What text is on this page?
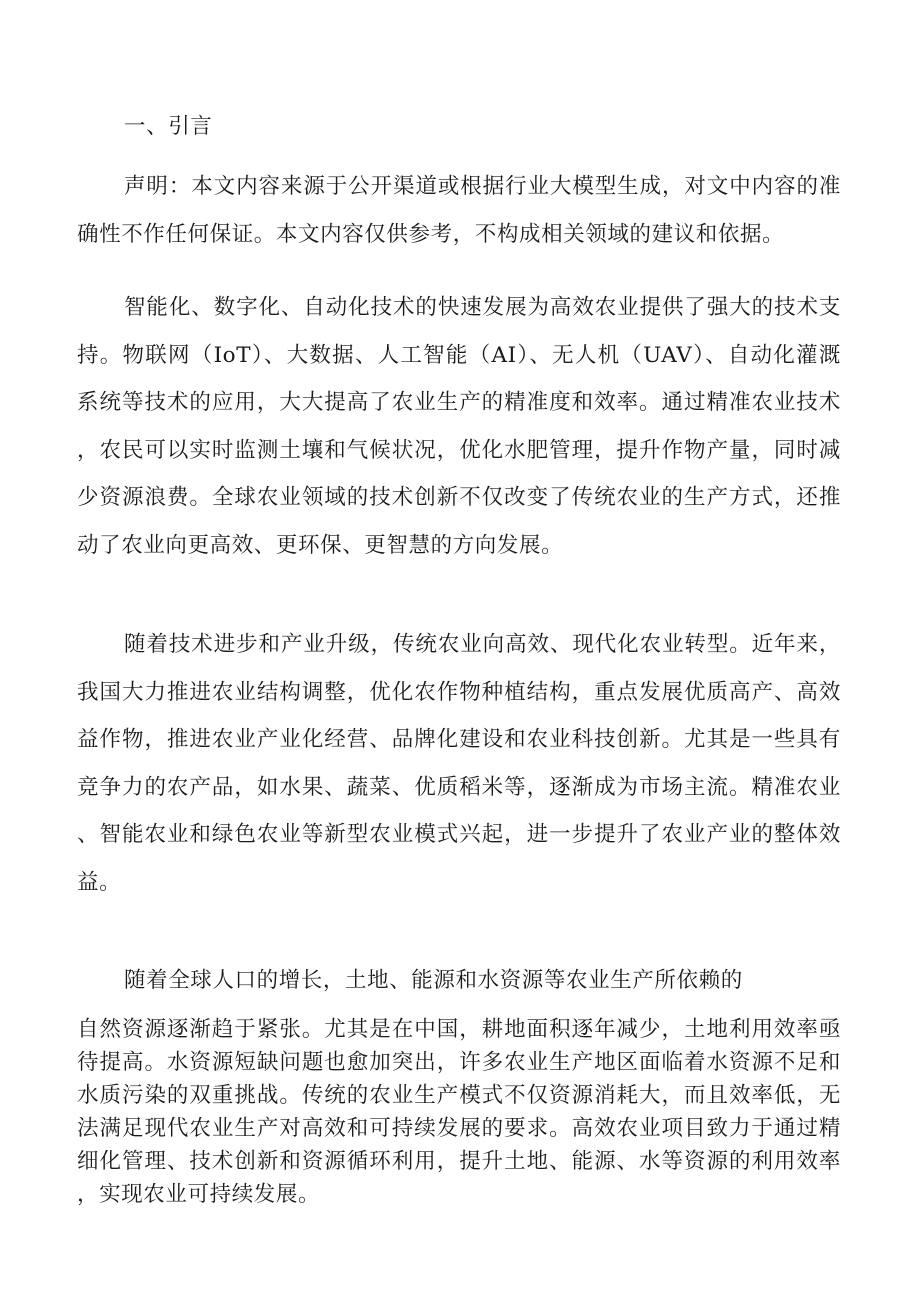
一、引言

声明：本文内容来源于公开渠道或根据行业大模型生成，对文中内容的准确性不作任何保证。本文内容仅供参考，不构成相关领域的建议和依据。

智能化、数字化、自动化技术的快速发展为高效农业提供了强大的技术支持。物联网（IoT）、大数据、人工智能（AI）、无人机（UAV）、自动化灌溉系统等技术的应用，大大提高了农业生产的精准度和效率。通过精准农业技术，农民可以实时监测土壤和气候状况，优化水肥管理，提升作物产量，同时减少资源浪费。全球农业领域的技术创新不仅改变了传统农业的生产方式，还推动了农业向更高效、更环保、更智慧的方向发展。

随着技术进步和产业升级，传统农业向高效、现代化农业转型。近年来，我国大力推进农业结构调整，优化农作物种植结构，重点发展优质高产、高效益作物，推进农业产业化经营、品牌化建设和农业科技创新。尤其是一些具有竞争力的农产品，如水果、蔬菜、优质稻米等，逐渐成为市场主流。精准农业、智能农业和绿色农业等新型农业模式兴起，进一步提升了农业产业的整体效益。

随着全球人口的增长，土地、能源和水资源等农业生产所依赖的

自然资源逐渐趋于紧张。尤其是在中国，耕地面积逐年减少，土地利用效率亟待提高。水资源短缺问题也愈加突出，许多农业生产地区面临着水资源不足和水质污染的双重挑战。传统的农业生产模式不仅资源消耗大，而且效率低，无法满足现代农业生产对高效和可持续发展的要求。高效农业项目致力于通过精细化管理、技术创新和资源循环利用，提升土地、能源、水等资源的利用效率，实现农业可持续发展。
